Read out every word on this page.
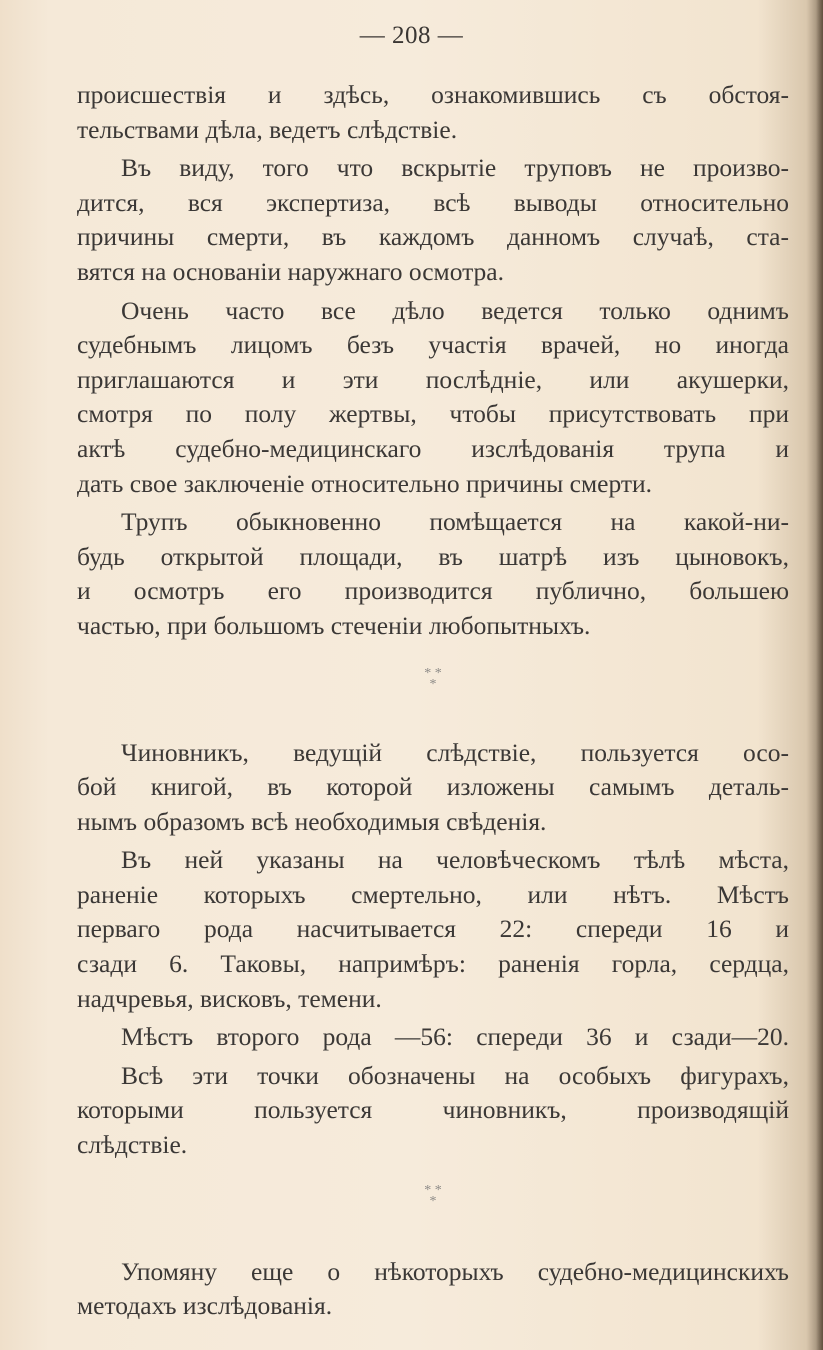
— 208 —
происшествія и здѣсь, ознакомившись съ обстоя-
тельствами дѣла, ведетъ слѣдствіе.
Въ виду, того что вскрытіе труповъ не произво-
дится, вся экспертиза, всѣ выводы относительно
причины смерти, въ каждомъ данномъ случаѣ, ста-
вятся на основаніи наружнаго осмотра.
Очень часто все дѣло ведется только однимъ
судебнымъ лицомъ безъ участія врачей, но иногда
приглашаются и эти послѣдніе, или акушерки,
смотря по полу жертвы, чтобы присутствовать при
актѣ судебно-медицинскаго изслѣдованія трупа и
дать свое заключеніе относительно причины смерти.
Трупъ обыкновенно помѣщается на какой-ни-
будь открытой площади, въ шатрѣ изъ цыновокъ,
и осмотръ его производится публично, большею
частью, при большомъ стеченіи любопытныхъ.
* *
*
Чиновникъ, ведущій слѣдствіе, пользуется осо-
бой книгой, въ которой изложены самымъ деталь-
нымъ образомъ всѣ необходимыя свѣденія.
Въ ней указаны на человѣческомъ тѣлѣ мѣста,
раненіе которыхъ смертельно, или нѣтъ. Мѣстъ
перваго рода насчитывается 22: спереди 16 и
сзади 6. Таковы, напримѣръ: раненія горла, сердца,
надчревья, висковъ, темени.
Мѣстъ второго рода —56: спереди 36 и сзади—20.
Всѣ эти точки обозначены на особыхъ фигурахъ,
которыми пользуется чиновникъ, производящій
слѣдствіе.
* *
*
Упомяну еще о нѣкоторыхъ судебно-медицинскихъ
методахъ изслѣдованія.
